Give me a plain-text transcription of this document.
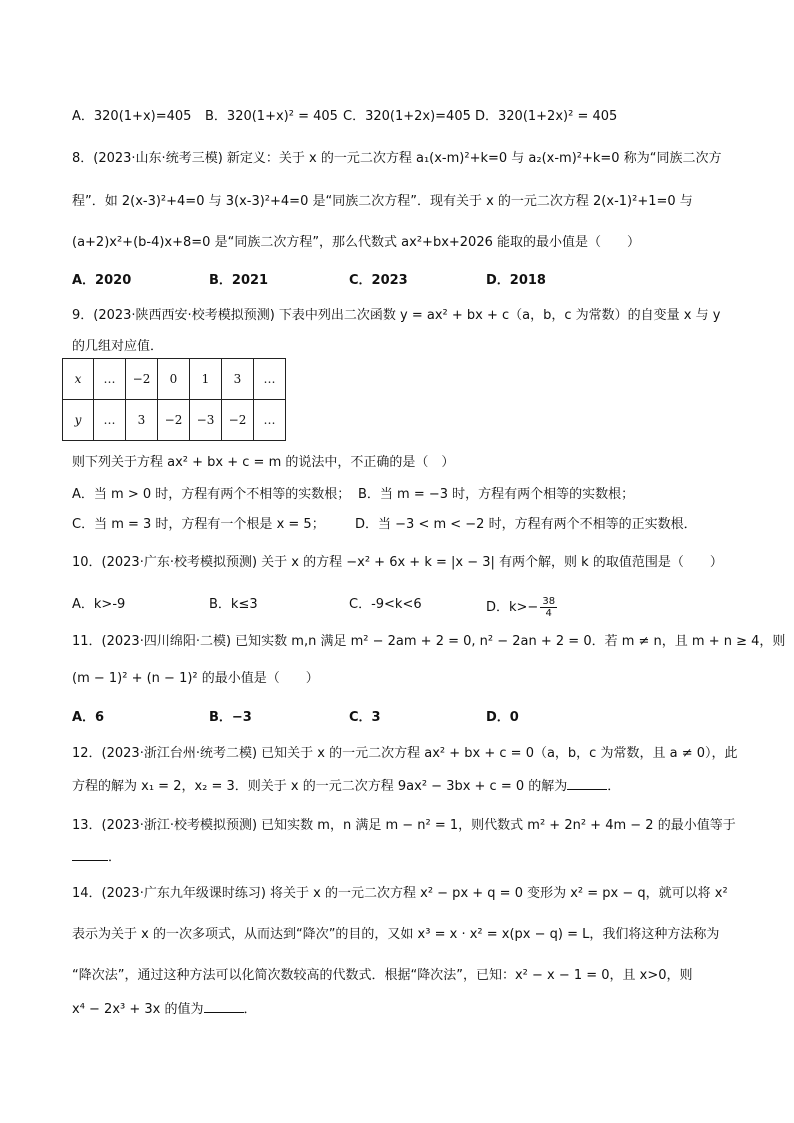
A．320(1+x)=405	B．320(1+x)² = 405 C．320(1+2x)=405 D．320(1+2x)² = 405
8．(2023·山东·统考三模) 新定义：关于 x 的一元二次方程 a₁(x-m)²+k=0 与 a₂(x-m)²+k=0 称为“同族二次方
程”．如 2(x-3)²+4=0 与 3(x-3)²+4=0 是“同族二次方程”．现有关于 x 的一元二次方程 2(x-1)²+1=0 与
(a+2)x²+(b-4)x+8=0 是“同族二次方程”，那么代数式 ax²+bx+2026 能取的最小值是（　　）
A．2020	B．2021	C．2023	D．2018
9．(2023·陕西西安·校考模拟预测) 下表中列出二次函数 y = ax² + bx + c（a，b，c 为常数）的自变量 x 与 y
的几组对应值．
x	…	−2	0	1	3	…
y	…	3	−2	−3	−2	…
则下列关于方程 ax² + bx + c = m 的说法中，不正确的是（　）
A．当 m > 0 时，方程有两个不相等的实数根； B．当 m = −3 时，方程有两个相等的实数根；
C．当 m = 3 时，方程有一个根是 x = 5；	D．当 −3 < m < −2 时，方程有两个不相等的正实数根．
10．(2023·广东·校考模拟预测) 关于 x 的方程 −x² + 6x + k = |x − 3| 有两个解，则 k 的取值范围是（　　）
A．k>-9	B．k≤3	C．-9<k<6	D．$k>- \frac{38}{4}$
11．(2023·四川绵阳·二模) 已知实数 m,n 满足 m² − 2am + 2 = 0, n² − 2an + 2 = 0．若 m ≠ n，且 m + n ≥ 4，则
(m − 1)² + (n − 1)² 的最小值是（　　）
A．6	B．−3	C．3	D．0
12．(2023·浙江台州·统考二模) 已知关于 x 的一元二次方程 ax² + bx + c = 0（a，b，c 为常数，且 a ≠ 0），此
方程的解为 x₁ = 2，x₂ = 3．则关于 x 的一元二次方程 9ax² − 3bx + c = 0 的解为	．
13．(2023·浙江·校考模拟预测) 已知实数 m，n 满足 m − n² = 1，则代数式 m² + 2n² + 4m − 2 的最小值等于
．
14．(2023·广东九年级课时练习) 将关于 x 的一元二次方程 x² − px + q = 0 变形为 x² = px − q，就可以将 x²
表示为关于 x 的一次多项式，从而达到“降次”的目的，又如 x³ = x · x² = x(px − q) = L，我们将这种方法称为
“降次法”，通过这种方法可以化简次数较高的代数式．根据“降次法”，已知：x² − x − 1 = 0，且 x>0，则
x⁴ − 2x³ + 3x 的值为	．
